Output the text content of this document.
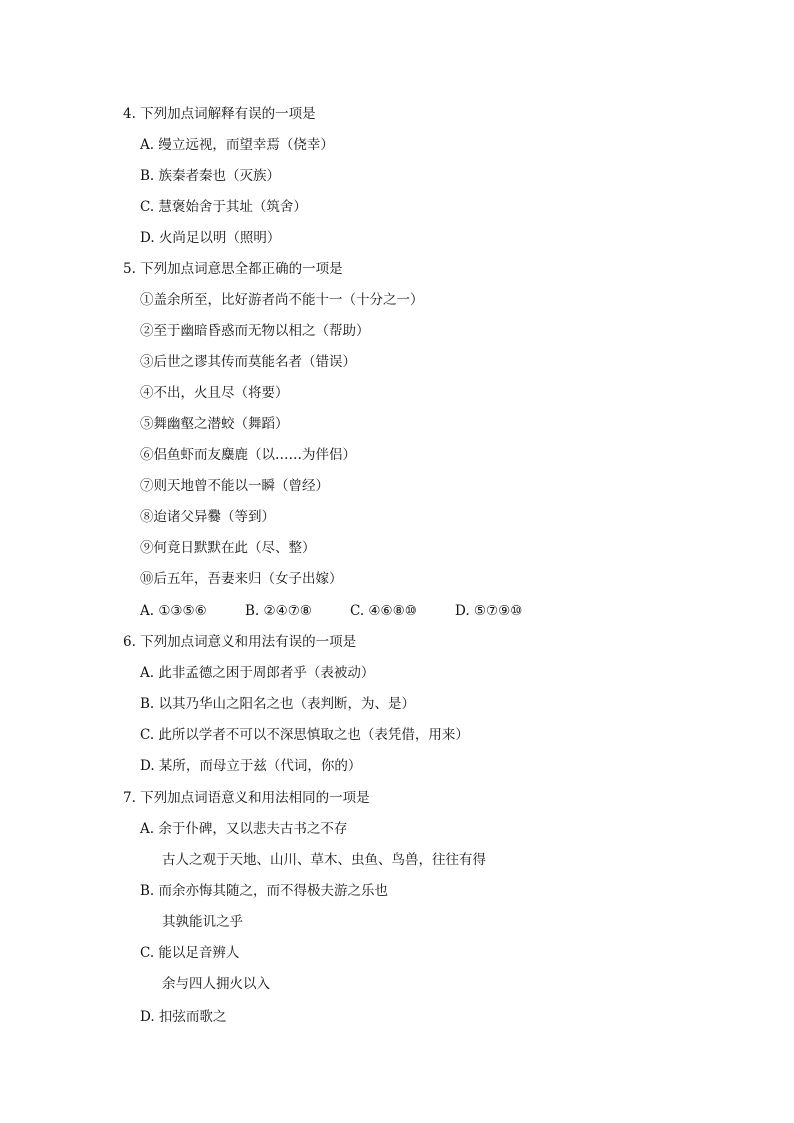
4. 下列加点词解释有误的一项是
A. 缦立远视，而望幸焉（侥幸）
B. 族秦者秦也（灭族）
C. 慧褒始舍于其址（筑舍）
D. 火尚足以明（照明）
5. 下列加点词意思全都正确的一项是
①盖余所至，比好游者尚不能十一（十分之一）
②至于幽暗昏惑而无物以相之（帮助）
③后世之谬其传而莫能名者（错误）
④不出，火且尽（将要）
⑤舞幽壑之潜蛟（舞蹈）
⑥侣鱼虾而友麋鹿（以……为伴侣）
⑦则天地曾不能以一瞬（曾经）
⑧迨诸父异爨（等到）
⑨何竟日默默在此（尽、整）
⑩后五年，吾妻来归（女子出嫁）
A. ①③⑤⑥	B. ②④⑦⑧	C. ④⑥⑧⑩	D. ⑤⑦⑨⑩
6. 下列加点词意义和用法有误的一项是
A. 此非孟德之困于周郎者乎（表被动）
B. 以其乃华山之阳名之也（表判断，为、是）
C. 此所以学者不可以不深思慎取之也（表凭借，用来）
D. 某所，而母立于兹（代词，你的）
7. 下列加点词语意义和用法相同的一项是
A. 余于仆碑，又以悲夫古书之不存
古人之观于天地、山川、草木、虫鱼、鸟兽，往往有得
B. 而余亦悔其随之，而不得极夫游之乐也
其孰能讥之乎
C. 能以足音辨人
余与四人拥火以入
D. 扣弦而歌之
